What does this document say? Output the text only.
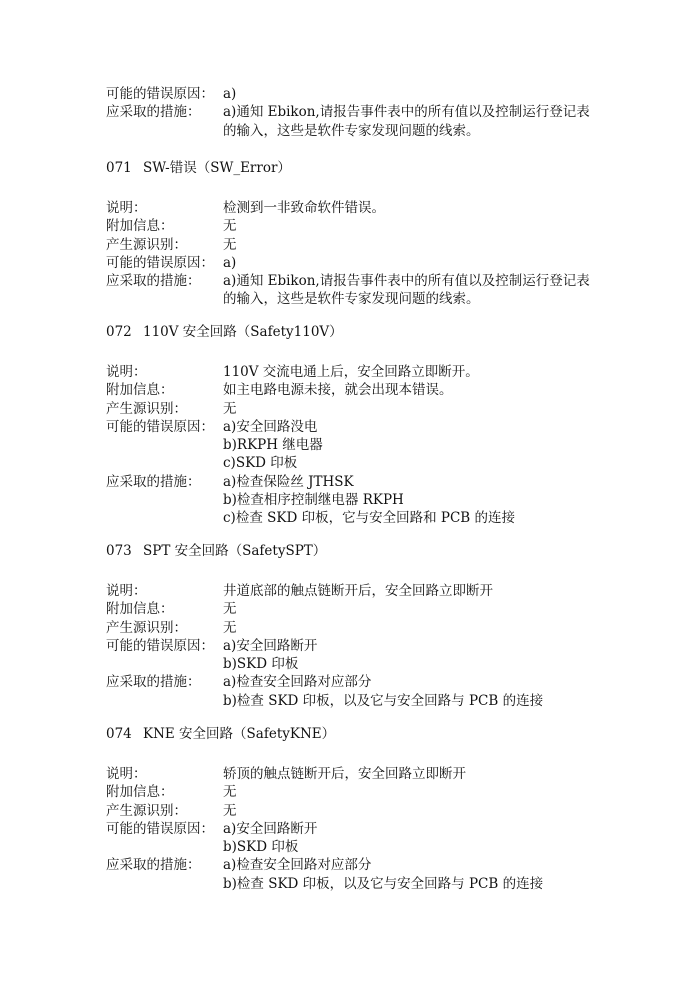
可能的错误原因： a)
应采取的措施：	a)通知 Ebikon,请报告事件表中的所有值以及控制运行登记表
的输入，这些是软件专家发现问题的线索。
071 SW-错误（SW_Error）
说明：	检测到一非致命软件错误。
附加信息：	无
产生源识别：	无
可能的错误原因： a)
应采取的措施：	a)通知 Ebikon,请报告事件表中的所有值以及控制运行登记表
的输入，这些是软件专家发现问题的线索。
072 110V 安全回路（Safety110V）
说明：	110V 交流电通上后，安全回路立即断开。
附加信息：	如主电路电源未接，就会出现本错误。
产生源识别：	无
可能的错误原因： a)安全回路没电
b)RKPH 继电器
c)SKD 印板
应采取的措施：	a)检查保险丝 JTHSK
b)检查相序控制继电器 RKPH
c)检查 SKD 印板，它与安全回路和 PCB 的连接
073 SPT 安全回路（SafetySPT）
说明：	井道底部的触点链断开后，安全回路立即断开
附加信息：	无
产生源识别：	无
可能的错误原因： a)安全回路断开
b)SKD 印板
应采取的措施：	a)检查安全回路对应部分
b)检查 SKD 印板，以及它与安全回路与 PCB 的连接
074 KNE 安全回路（SafetyKNE）
说明：	轿顶的触点链断开后，安全回路立即断开
附加信息：	无
产生源识别：	无
可能的错误原因： a)安全回路断开
b)SKD 印板
应采取的措施：	a)检查安全回路对应部分
b)检查 SKD 印板，以及它与安全回路与 PCB 的连接
